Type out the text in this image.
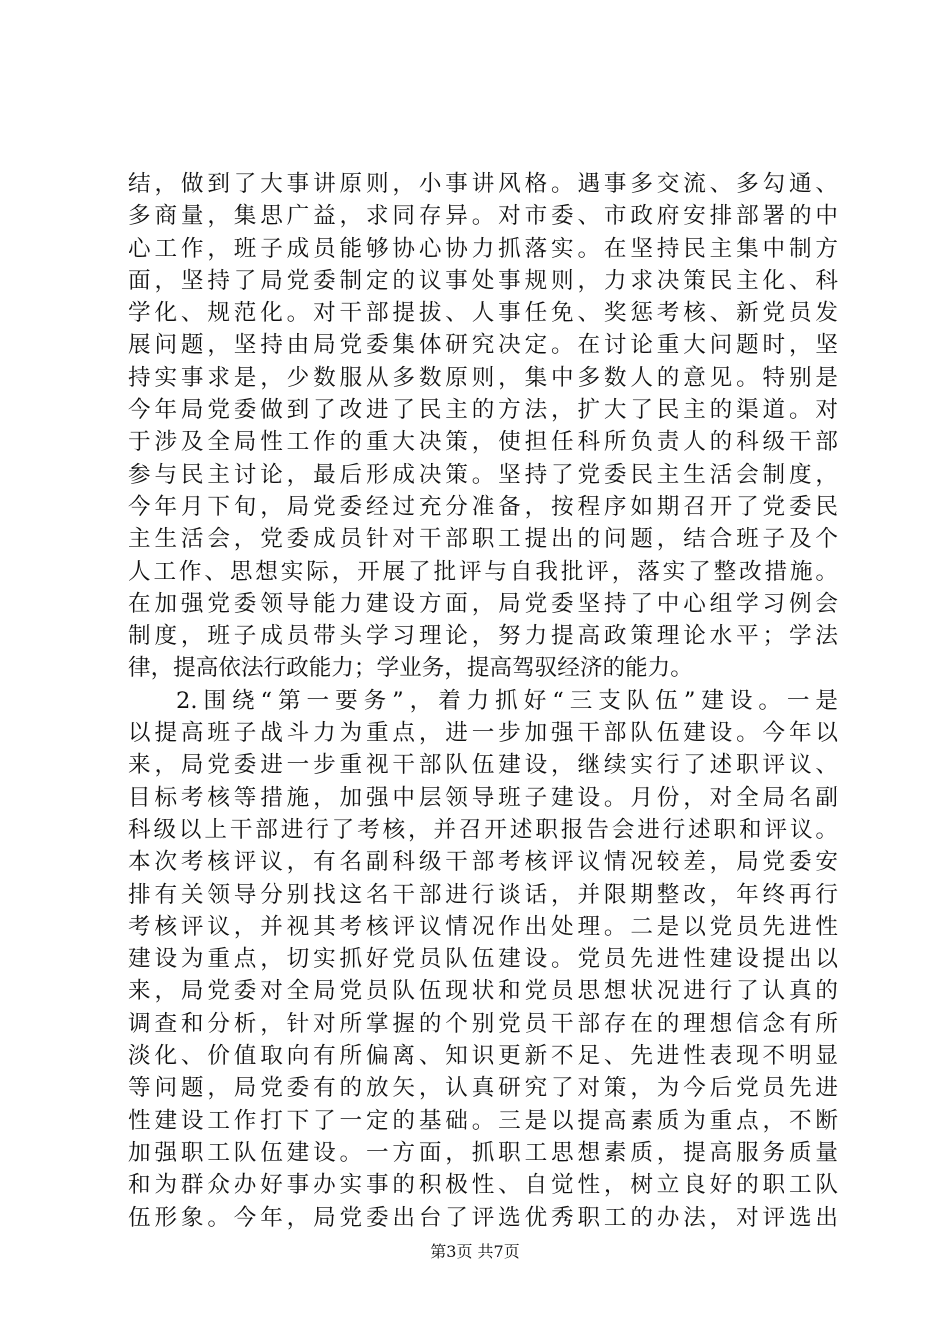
结，做到了大事讲原则，小事讲风格。遇事多交流、多勾通、
多商量，集思广益，求同存异。对市委、市政府安排部署的中
心工作，班子成员能够协心协力抓落实。在坚持民主集中制方
面，坚持了局党委制定的议事处事规则，力求决策民主化、科
学化、规范化。对干部提拔、人事任免、奖惩考核、新党员发
展问题，坚持由局党委集体研究决定。在讨论重大问题时，坚
持实事求是，少数服从多数原则，集中多数人的意见。特别是
今年局党委做到了改进了民主的方法，扩大了民主的渠道。对
于涉及全局性工作的重大决策，使担任科所负责人的科级干部
参与民主讨论，最后形成决策。坚持了党委民主生活会制度，
今年月下旬，局党委经过充分准备，按程序如期召开了党委民
主生活会，党委成员针对干部职工提出的问题，结合班子及个
人工作、思想实际，开展了批评与自我批评，落实了整改措施。
在加强党委领导能力建设方面，局党委坚持了中心组学习例会
制度，班子成员带头学习理论，努力提高政策理论水平；学法
律，提高依法行政能力；学业务，提高驾驭经济的能力。
2.围绕“第一要务”，着力抓好“三支队伍”建设。一是
以提高班子战斗力为重点，进一步加强干部队伍建设。今年以
来，局党委进一步重视干部队伍建设，继续实行了述职评议、
目标考核等措施，加强中层领导班子建设。月份，对全局名副
科级以上干部进行了考核，并召开述职报告会进行述职和评议。
本次考核评议，有名副科级干部考核评议情况较差，局党委安
排有关领导分别找这名干部进行谈话，并限期整改，年终再行
考核评议，并视其考核评议情况作出处理。二是以党员先进性
建设为重点，切实抓好党员队伍建设。党员先进性建设提出以
来，局党委对全局党员队伍现状和党员思想状况进行了认真的
调查和分析，针对所掌握的个别党员干部存在的理想信念有所
淡化、价值取向有所偏离、知识更新不足、先进性表现不明显
等问题，局党委有的放矢，认真研究了对策，为今后党员先进
性建设工作打下了一定的基础。三是以提高素质为重点，不断
加强职工队伍建设。一方面，抓职工思想素质，提高服务质量
和为群众办好事办实事的积极性、自觉性，树立良好的职工队
伍形象。今年，局党委出台了评选优秀职工的办法，对评选出
第3页 共7页
